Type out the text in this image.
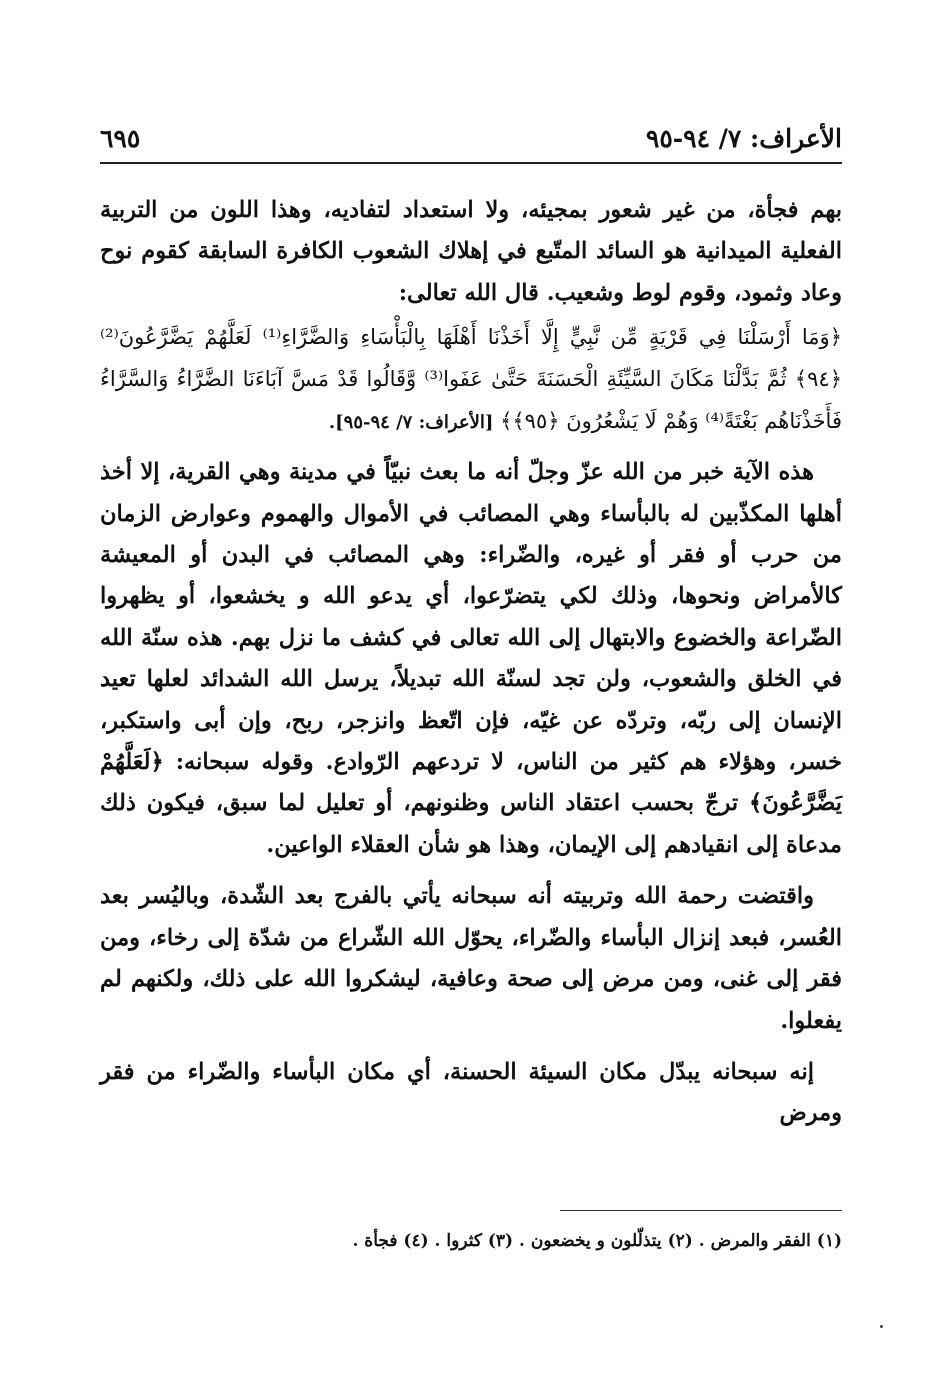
الأعراف: ٧/ ٩٤-٩٥
٦٩٥

بهم فجأة، من غير شعور بمجيئه، ولا استعداد لتفاديه، وهذا اللون من التربية الفعلية الميدانية هو السائد المتّبع في إهلاك الشعوب الكافرة السابقة كقوم نوح وعاد وثمود، وقوم لوط وشعيب. قال الله تعالى:

﴿وَمَا أَرْسَلْنَا فِي قَرْيَةٍ مِّن نَّبِيٍّ إِلَّا أَخَذْنَا أَهْلَهَا بِالْبَأْسَاءِ وَالضَّرَّاءِ⁽¹⁾ لَعَلَّهُمْ يَضَّرَّعُونَ⁽²⁾ ﴿٩٤﴾ ثُمَّ بَدَّلْنَا مَكَانَ السَّيِّئَةِ الْحَسَنَةَ حَتَّىٰ عَفَوا⁽³⁾ وَّقَالُوا قَدْ مَسَّ آبَاءَنَا الضَّرَّاءُ وَالسَّرَّاءُ فَأَخَذْنَاهُم بَغْتَةً⁽⁴⁾ وَهُمْ لَا يَشْعُرُونَ ﴿٩٥﴾﴾ [الأعراف: ٧/ ٩٤-٩٥].

هذه الآية خبر من الله عزّ وجلّ أنه ما بعث نبيّاً في مدينة وهي القرية، إلا أخذ أهلها المكذّبين له بالبأساء وهي المصائب في الأموال والهموم وعوارض الزمان من حرب أو فقر أو غيره، والضّراء: وهي المصائب في البدن أو المعيشة كالأمراض ونحوها، وذلك لكي يتضرّعوا، أي يدعو الله و يخشعوا، أو يظهروا الضّراعة والخضوع والابتهال إلى الله تعالى في كشف ما نزل بهم. هذه سنّة الله في الخلق والشعوب، ولن تجد لسنّة الله تبديلاً، يرسل الله الشدائد لعلها تعيد الإنسان إلى ربّه، وتردّه عن غيّه، فإن اتّعظ وانزجر، ربح، وإن أبى واستكبر، خسر، وهؤلاء هم كثير من الناس، لا تردعهم الرّوادع. وقوله سبحانه: ﴿لَعَلَّهُمْ يَضَّرَّعُونَ﴾ ترجّ بحسب اعتقاد الناس وظنونهم، أو تعليل لما سبق، فيكون ذلك مدعاة إلى انقيادهم إلى الإيمان، وهذا هو شأن العقلاء الواعين.

واقتضت رحمة الله وتربيته أنه سبحانه يأتي بالفرج بعد الشّدة، وباليُسر بعد العُسر، فبعد إنزال البأساء والضّراء، يحوّل الله الشّراع من شدّة إلى رخاء، ومن فقر إلى غنى، ومن مرض إلى صحة وعافية، ليشكروا الله على ذلك، ولكنهم لم يفعلوا.

إنه سبحانه يبدّل مكان السيئة الحسنة، أي مكان البأساء والضّراء من فقر ومرض

(١) الفقر والمرض . (٢) يتذلّلون و يخضعون . (٣) كثروا . (٤) فجأة .
